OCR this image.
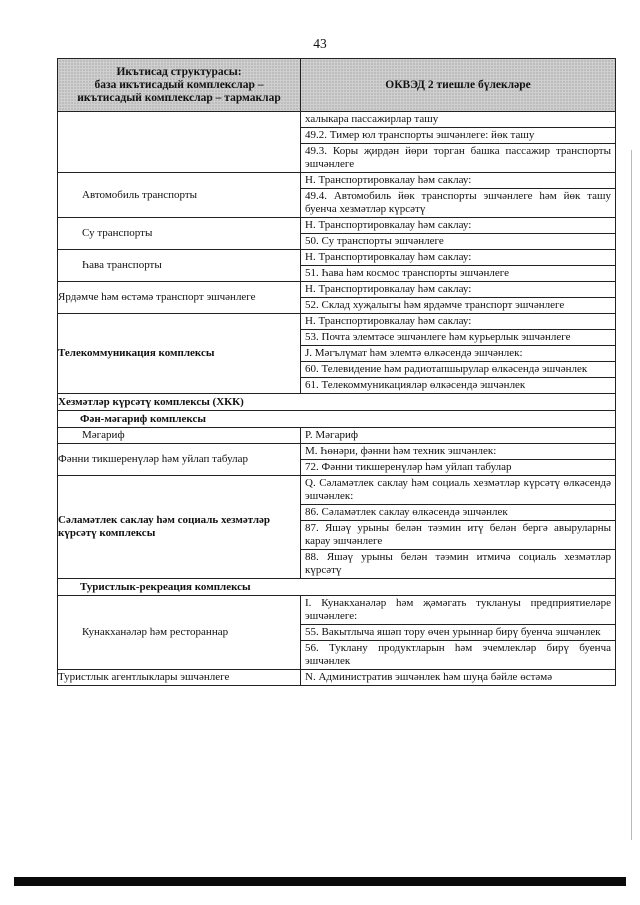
43
Икътисад структурасы:
база икътисадый комплекслар –
икътисадый комплекслар – тармаклар	ОКВЭД 2 тиешле бүлекләре

	халыкара пассажирлар ташу
49.2. Тимер юл транспорты эшчәнлеге: йөк ташу
49.3. Коры җирдән йөри торган башка пассажир транспорты эшчәнлеге

Автомобиль транспорты	H. Транспортировкалау һәм саклау:
49.4. Автомобиль йөк транспорты эшчәнлеге һәм йөк ташу буенча хезмәтләр күрсәтү

Су транспорты	H. Транспортировкалау һәм саклау:
50. Су транспорты эшчәнлеге

Һава транспорты	H. Транспортировкалау һәм саклау:
51. Һава һәм космос транспорты эшчәнлеге

Ярдәмче һәм өстәмә транспорт эшчәнлеге	H. Транспортировкалау һәм саклау:
52. Склад хуҗалыгы һәм ярдәмче транспорт эшчәнлеге

Телекоммуникация комплексы	H. Транспортировкалау һәм саклау:
53. Почта элемтәсе эшчәнлеге һәм курьерлык эшчәнлеге
J. Мәгълүмат һәм элемтә өлкәсендә эшчәнлек:
60. Телевидение һәм радиотапшырулар өлкәсендә эшчәнлек
61. Телекоммуникацияләр өлкәсендә эшчәнлек

Хезмәтләр күрсәтү комплексы (ХКК)	
Фән-мәгариф комплексы	
Мәгариф	P. Мәгариф

Фәнни тикшеренүләр һәм уйлап табулар	M. Һөнәри, фәнни һәм техник эшчәнлек:
72. Фәнни тикшеренүләр һәм уйлап табулар

Сәламәтлек саклау һәм социаль хезмәтләр күрсәтү комплексы	Q. Сәламәтлек саклау һәм социаль хезмәтләр күрсәтү өлкәсендә эшчәнлек:
86. Сәламәтлек саклау өлкәсендә эшчәнлек
87. Яшәү урыны белән тәэмин итү белән бергә авыруларны карау эшчәнлеге
88. Яшәү урыны белән тәэмин итмичә социаль хезмәтләр күрсәтү

Туристлык-рекреация комплексы	
Кунакханәләр һәм рестораннар	I. Кунакханәләр һәм җәмәгать туклануы предприятиеләре эшчәнлеге:
55. Вакытлыча яшәп тору өчен урыннар бирү буенча эшчәнлек
56. Туклану продуктларын һәм эчемлекләр бирү буенча эшчәнлек

Туристлык агентлыклары эшчәнлеге	N. Административ эшчәнлек һәм шуңа бәйле өстәмә
